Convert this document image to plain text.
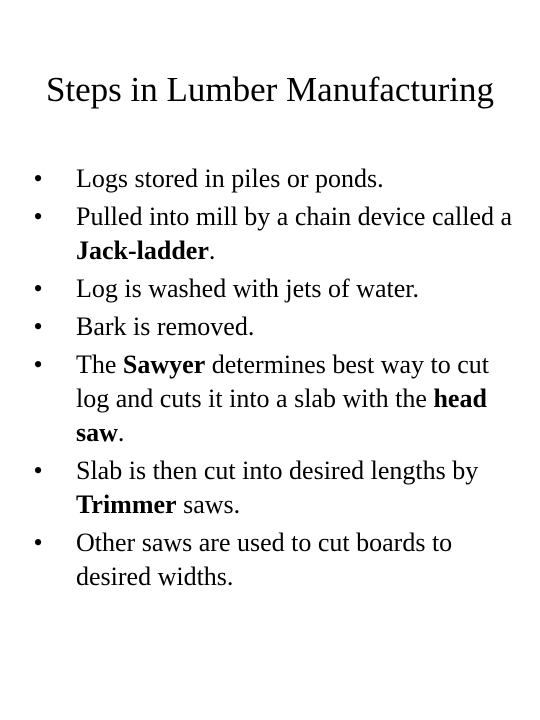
Steps in Lumber Manufacturing
• Logs stored in piles or ponds.
• Pulled into mill by a chain device called a Jack-ladder.
• Log is washed with jets of water.
• Bark is removed.
• The Sawyer determines best way to cut log and cuts it into a slab with the head saw.
• Slab is then cut into desired lengths by Trimmer saws.
• Other saws are used to cut boards to desired widths.
